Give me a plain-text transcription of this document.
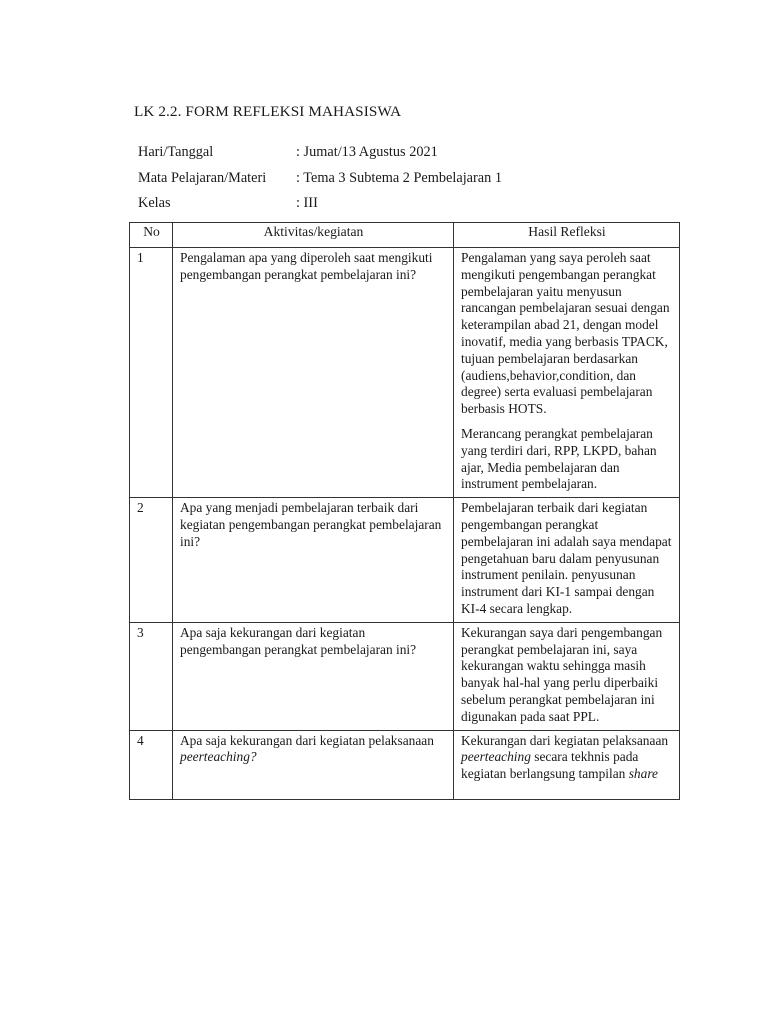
LK 2.2. FORM REFLEKSI MAHASISWA
Hari/Tanggal	: Jumat/13 Agustus 2021
Mata Pelajaran/Materi : Tema 3 Subtema 2 Pembelajaran 1
Kelas	: III
No	Aktivitas/kegiatan	Hasil Refleksi
1	Pengalaman apa yang diperoleh saat mengikuti pengembangan perangkat pembelajaran ini?	Pengalaman yang saya peroleh saat mengikuti pengembangan perangkat pembelajaran yaitu menyusun rancangan pembelajaran sesuai dengan keterampilan abad 21, dengan model inovatif, media yang berbasis TPACK, tujuan pembelajaran berdasarkan (audiens,behavior,condition, dan degree) serta evaluasi pembelajaran berbasis HOTS.

Merancang perangkat pembelajaran yang terdiri dari, RPP, LKPD, bahan ajar, Media pembelajaran dan instrument pembelajaran.

2	Apa yang menjadi pembelajaran terbaik dari kegiatan pengembangan perangkat pembelajaran ini?	Pembelajaran terbaik dari kegiatan pengembangan perangkat pembelajaran ini adalah saya mendapat pengetahuan baru dalam penyusunan instrument penilain. penyusunan instrument dari KI-1 sampai dengan KI-4 secara lengkap.

3	Apa saja kekurangan dari kegiatan pengembangan perangkat pembelajaran ini?	Kekurangan saya dari pengembangan perangkat pembelajaran ini, saya kekurangan waktu sehingga masih banyak hal-hal yang perlu diperbaiki sebelum perangkat pembelajaran ini digunakan pada saat PPL.

4	Apa saja kekurangan dari kegiatan pelaksanaan  peerteaching?	Kekurangan dari kegiatan pelaksanaan peerteaching secara tekhnis pada kegiatan berlangsung tampilan share
